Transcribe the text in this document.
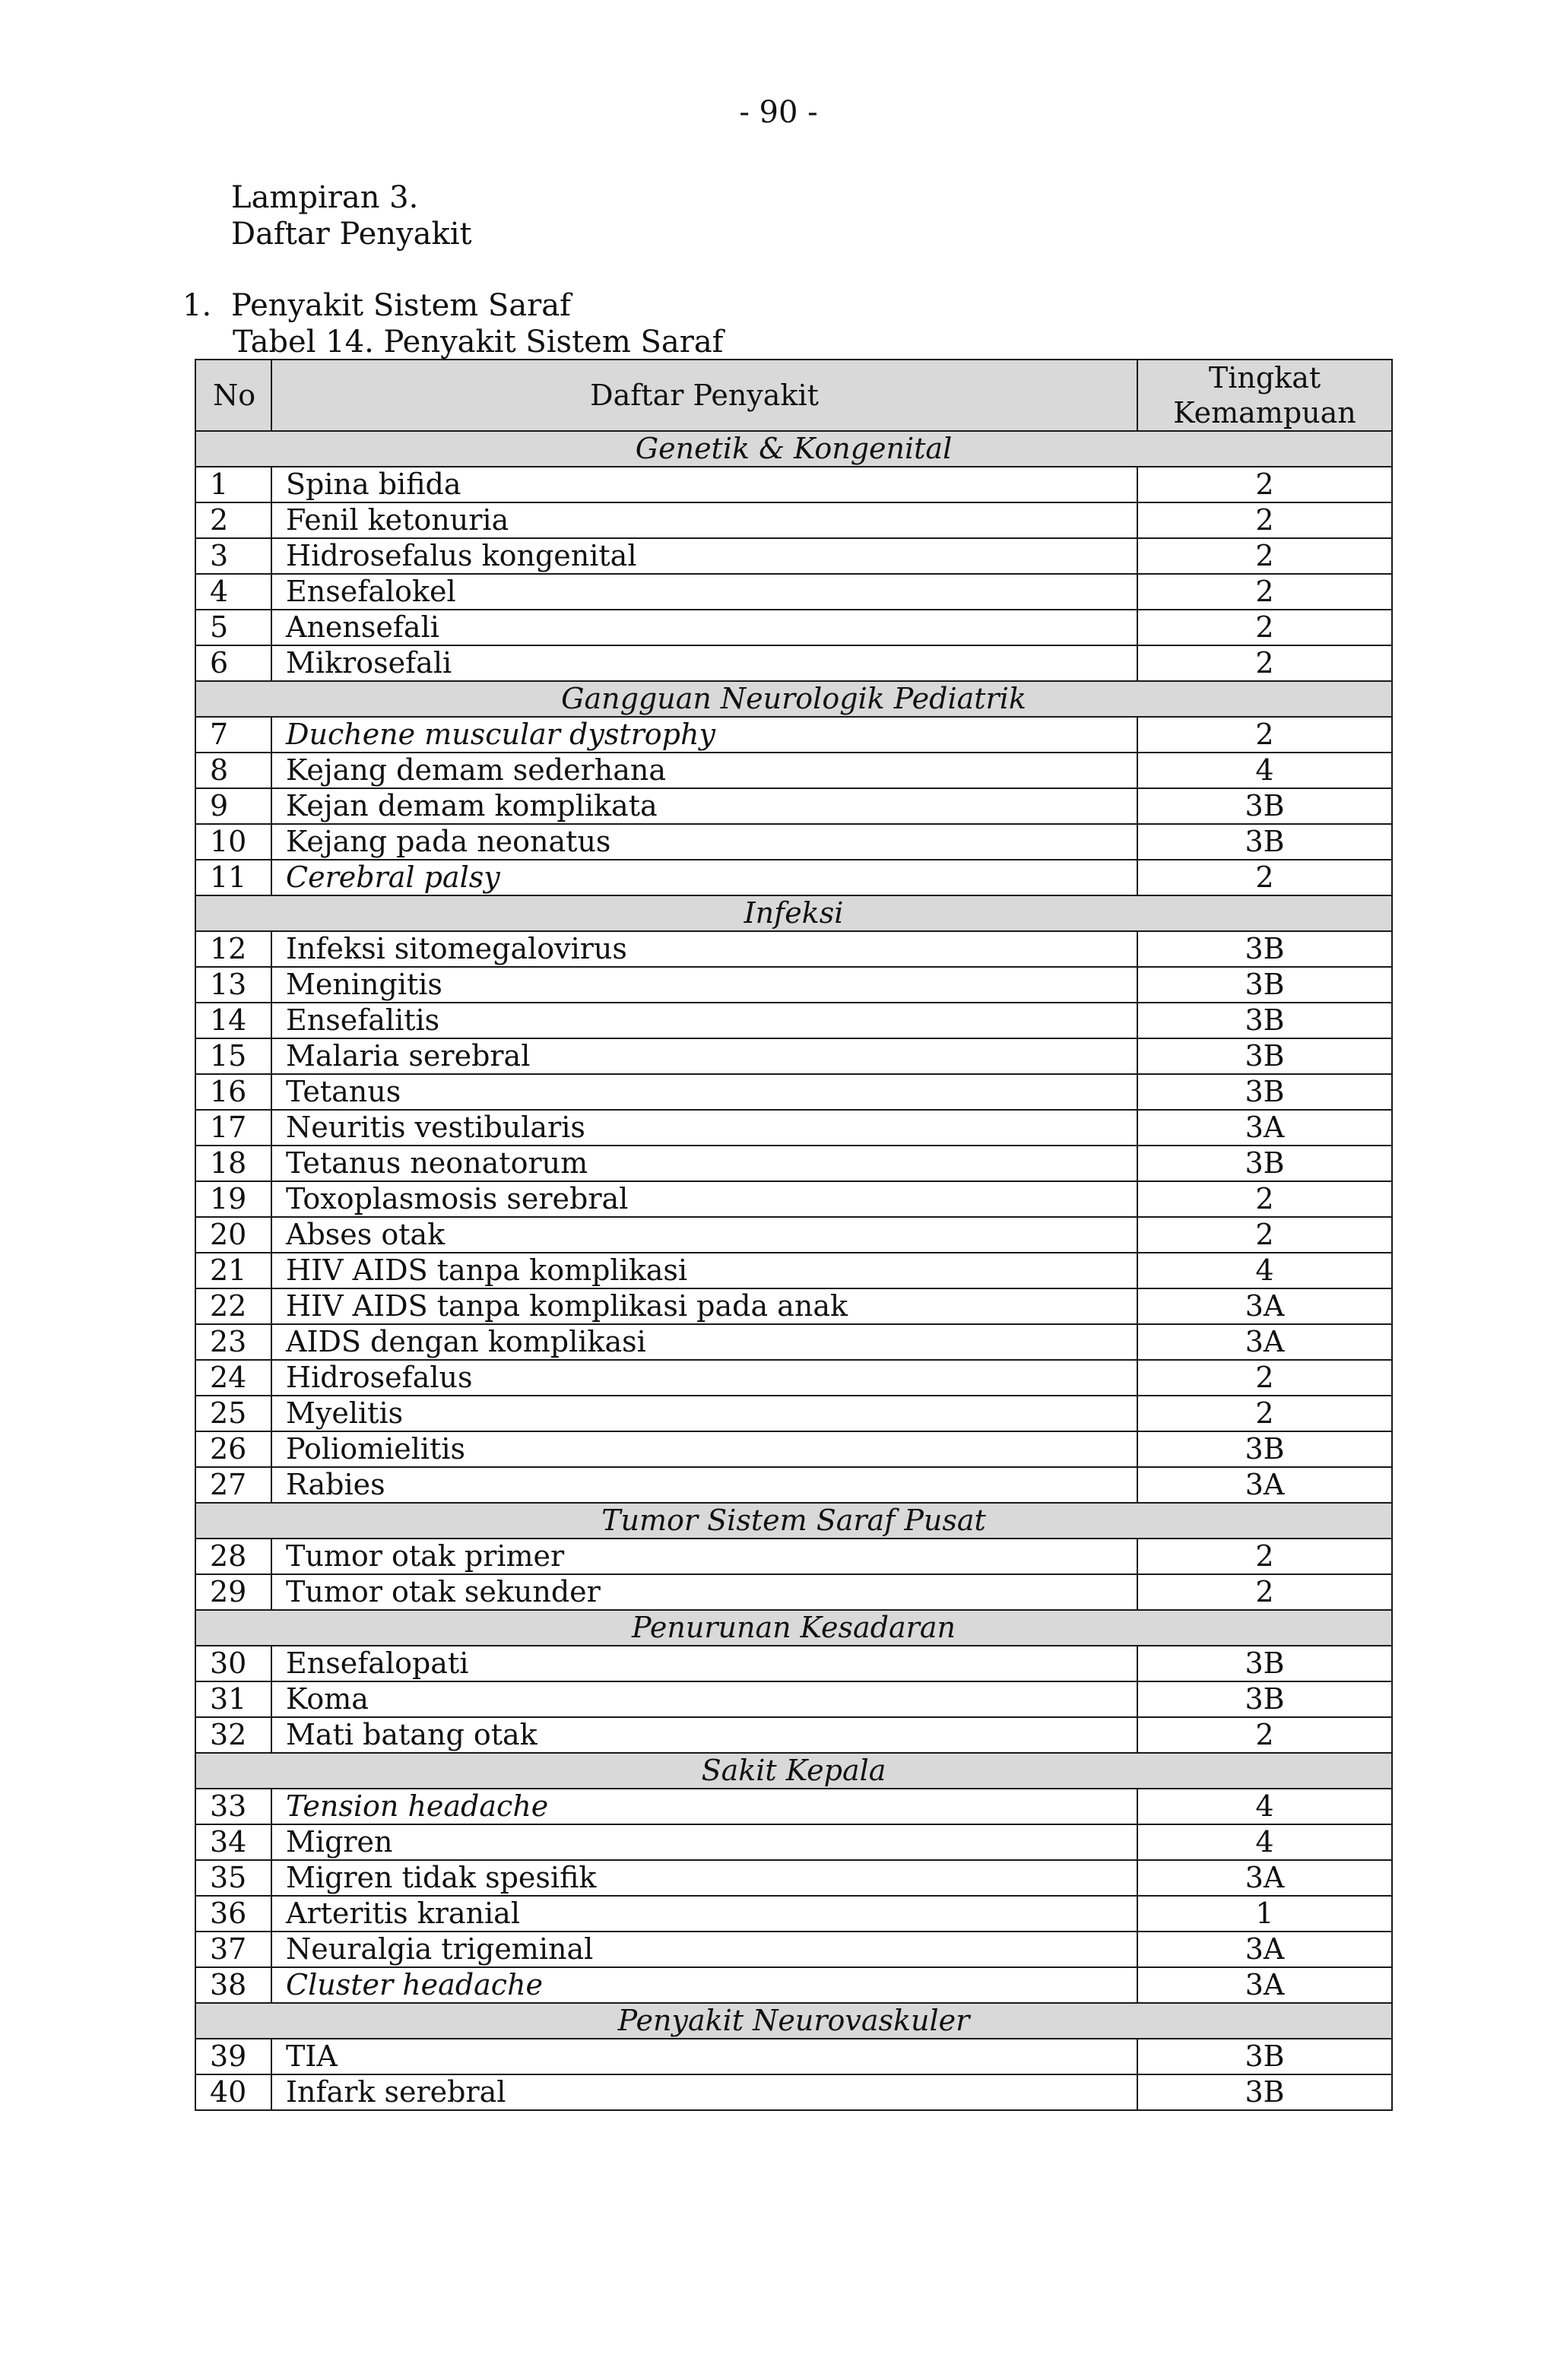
- 90 -
Lampiran 3.
Daftar Penyakit
1. Penyakit Sistem Saraf
Tabel 14. Penyakit Sistem Saraf
No	Daftar Penyakit	Tingkat
Kemampuan
Genetik & Kongenital		
1	Spina bifida	2
2	Fenil ketonuria	2
3	Hidrosefalus kongenital	2
4	Ensefalokel	2
5	Anensefali	2
6	Mikrosefali	2
Gangguan Neurologik Pediatrik		
7	Duchene muscular dystrophy	2
8	Kejang demam sederhana	4
9	Kejan demam komplikata	3B
10	Kejang pada neonatus	3B
11	Cerebral palsy	2
Infeksi		
12	Infeksi sitomegalovirus	3B
13	Meningitis	3B
14	Ensefalitis	3B
15	Malaria serebral	3B
16	Tetanus	3B
17	Neuritis vestibularis	3A
18	Tetanus neonatorum	3B
19	Toxoplasmosis serebral	2
20	Abses otak	2
21	HIV AIDS tanpa komplikasi	4
22	HIV AIDS tanpa komplikasi pada anak	3A
23	AIDS dengan komplikasi	3A
24	Hidrosefalus	2
25	Myelitis	2
26	Poliomielitis	3B
27	Rabies	3A
Tumor Sistem Saraf Pusat		
28	Tumor otak primer	2
29	Tumor otak sekunder	2
Penurunan Kesadaran		
30	Ensefalopati	3B
31	Koma	3B
32	Mati batang otak	2
Sakit Kepala		
33	Tension headache	4
34	Migren	4
35	Migren tidak spesifik	3A
36	Arteritis kranial	1
37	Neuralgia trigeminal	3A
38	Cluster headache	3A
Penyakit Neurovaskuler		
39	TIA	3B
40	Infark serebral	3B
